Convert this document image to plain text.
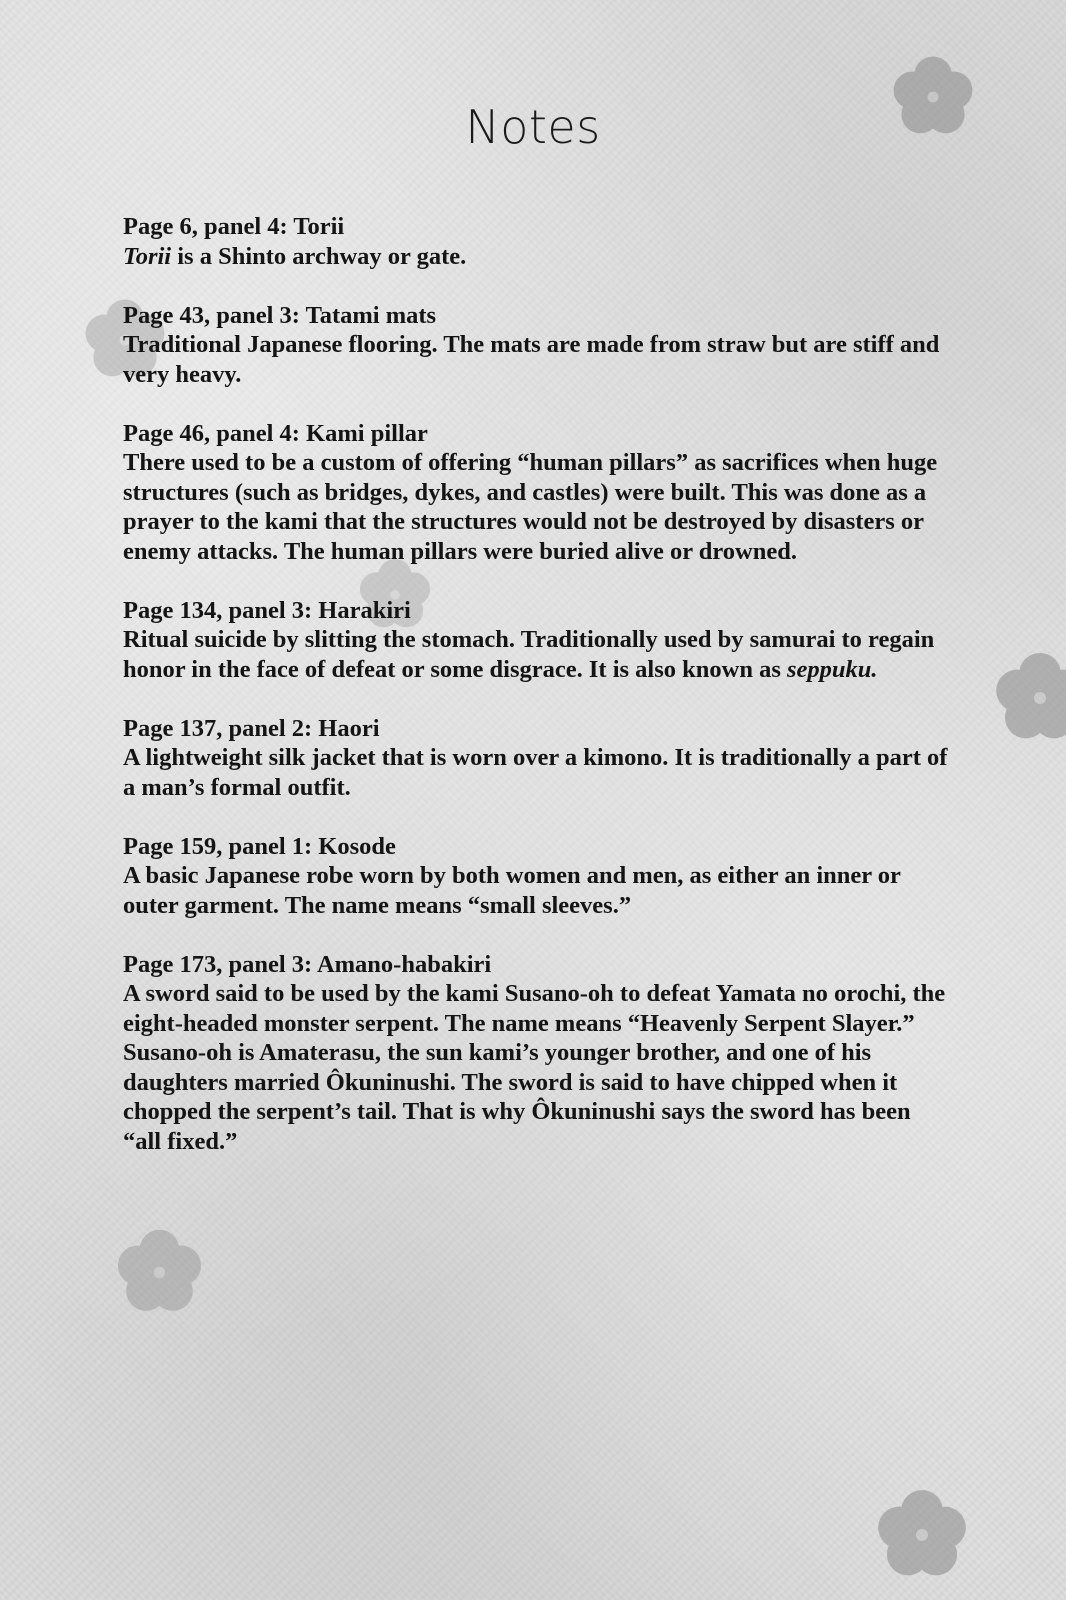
Notes

Page 6, panel 4: Torii

Torii is a Shinto archway or gate.

Page 43, panel 3: Tatami mats

Traditional Japanese flooring. The mats are made from straw but are stiff and very heavy.

Page 46, panel 4: Kami pillar

There used to be a custom of offering “human pillars” as sacrifices when huge structures (such as bridges, dykes, and castles) were built. This was done as a prayer to the kami that the structures would not be destroyed by disasters or enemy attacks. The human pillars were buried alive or drowned.

Page 134, panel 3: Harakiri

Ritual suicide by slitting the stomach. Traditionally used by samurai to regain honor in the face of defeat or some disgrace. It is also known as seppuku.

Page 137, panel 2: Haori

A lightweight silk jacket that is worn over a kimono. It is traditionally a part of a man’s formal outfit.

Page 159, panel 1: Kosode

A basic Japanese robe worn by both women and men, as either an inner or outer garment. The name means “small sleeves.”

Page 173, panel 3: Amano-habakiri

A sword said to be used by the kami Susano-oh to defeat Yamata no orochi, the eight-headed monster serpent. The name means “Heavenly Serpent Slayer.” Susano-oh is Amaterasu, the sun kami’s younger brother, and one of his daughters married Ôkuninushi. The sword is said to have chipped when it chopped the serpent’s tail. That is why Ôkuninushi says the sword has been “all fixed.”
